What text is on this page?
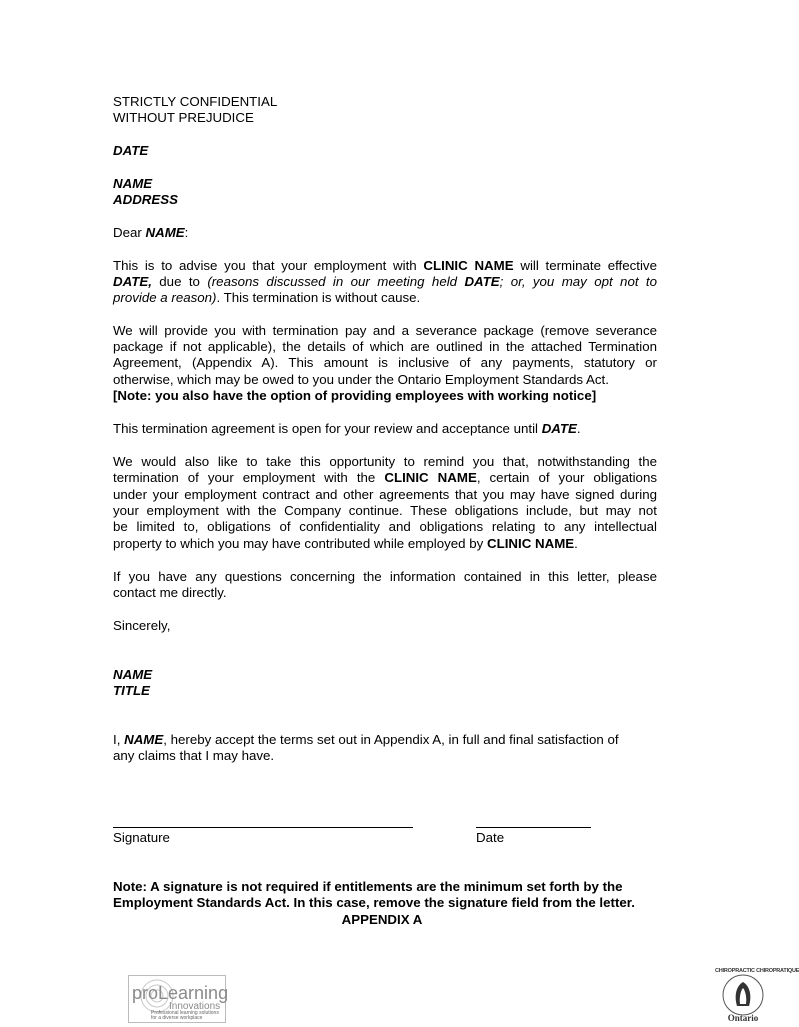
STRICTLY CONFIDENTIAL
WITHOUT PREJUDICE
DATE
NAME
ADDRESS
Dear NAME:
This is to advise you that your employment with CLINIC NAME will terminate effective
DATE, due to (reasons discussed in our meeting held DATE; or, you may opt not to
provide a reason). This termination is without cause.
We will provide you with termination pay and a severance package (remove severance
package if not applicable), the details of which are outlined in the attached Termination
Agreement, (Appendix A). This amount is inclusive of any payments, statutory or
otherwise, which may be owed to you under the Ontario Employment Standards Act.
[Note: you also have the option of providing employees with working notice]
This termination agreement is open for your review and acceptance until DATE.
We would also like to take this opportunity to remind you that, notwithstanding the
termination of your employment with the CLINIC NAME, certain of your obligations
under your employment contract and other agreements that you may have signed during
your employment with the Company continue. These obligations include, but may not
be limited to, obligations of confidentiality and obligations relating to any intellectual
property to which you may have contributed while employed by CLINIC NAME.
If you have any questions concerning the information contained in this letter, please
contact me directly.
Sincerely,
NAME
TITLE
I, NAME, hereby accept the terms set out in Appendix A, in full and final satisfaction of
any claims that I may have.
Signature	Date
Note: A signature is not required if entitlements are the minimum set forth by the
Employment Standards Act. In this case, remove the signature field from the letter.
APPENDIX A
proLearning
Innovations
Professional learning solutions
for a diverse workplace
CHIROPRACTIC CHIROPRATIQUE
Ontario
